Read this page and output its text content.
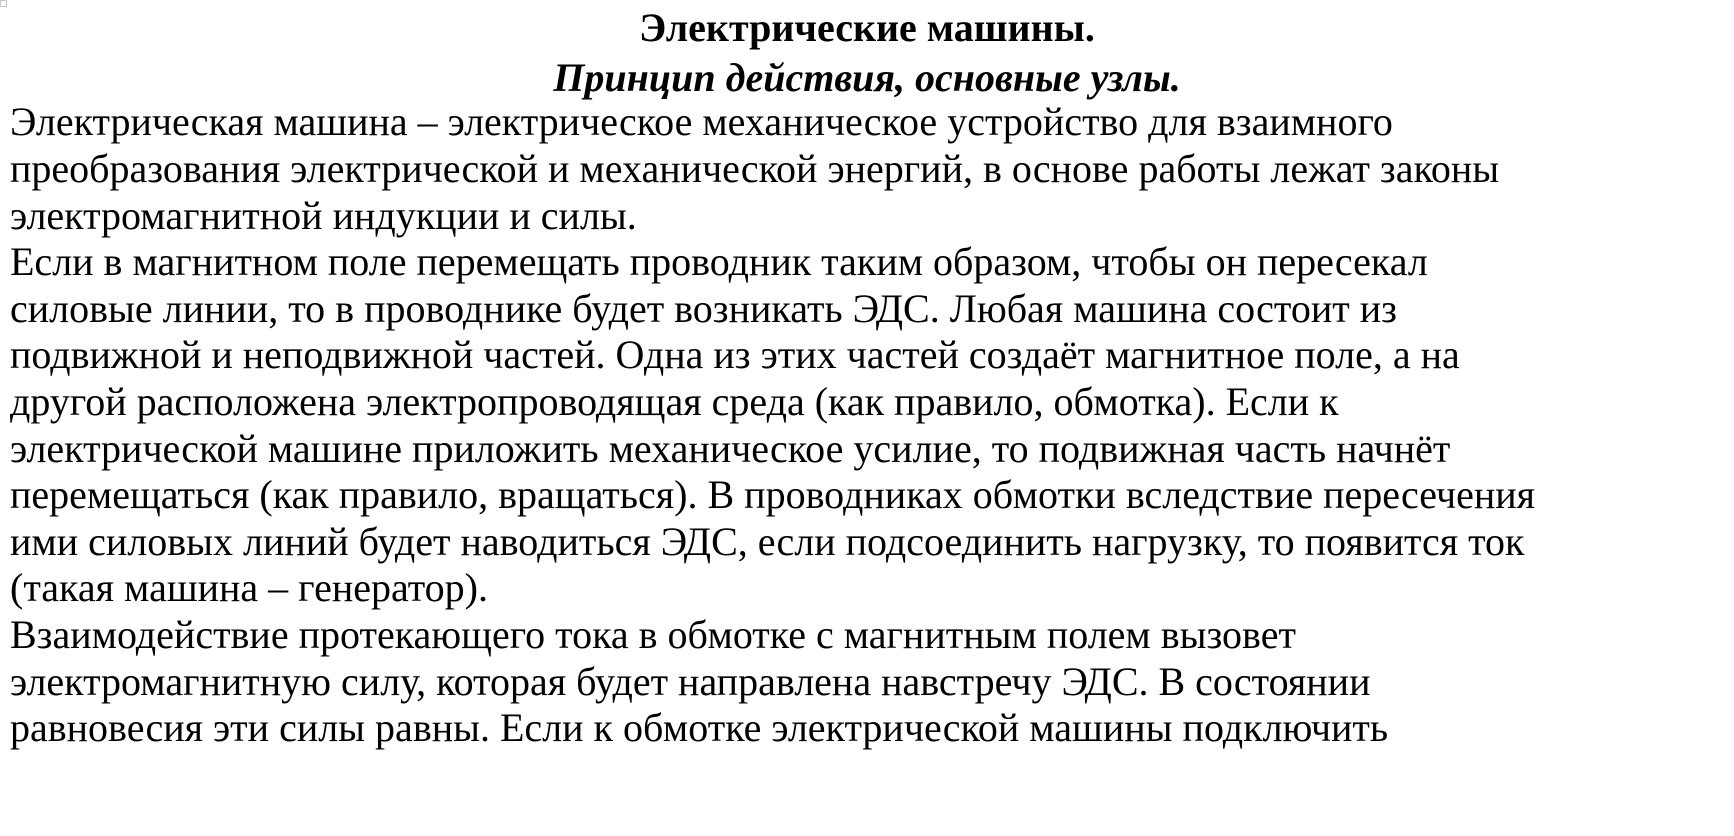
Электрические машины.
Принцип действия, основные узлы.

Электрическая машина – электрическое механическое устройство для взаимного

преобразования электрической и механической энергий, в основе работы лежат законы

электромагнитной индукции и силы.

Если в магнитном поле перемещать проводник таким образом, чтобы он пересекал

силовые линии, то в проводнике будет возникать ЭДС. Любая машина состоит из

подвижной и неподвижной частей. Одна из этих частей создаёт магнитное поле, а на

другой расположена электропроводящая среда (как правило, обмотка). Если к

электрической машине приложить механическое усилие, то подвижная часть начнёт

перемещаться (как правило, вращаться). В проводниках обмотки вследствие пересечения

ими силовых линий будет наводиться ЭДС, если подсоединить нагрузку, то появится ток

(такая машина – генератор).

Взаимодействие протекающего тока в обмотке с магнитным полем вызовет

электромагнитную силу, которая будет направлена навстречу ЭДС. В состоянии

равновесия эти силы равны. Если к обмотке электрической машины подключить
